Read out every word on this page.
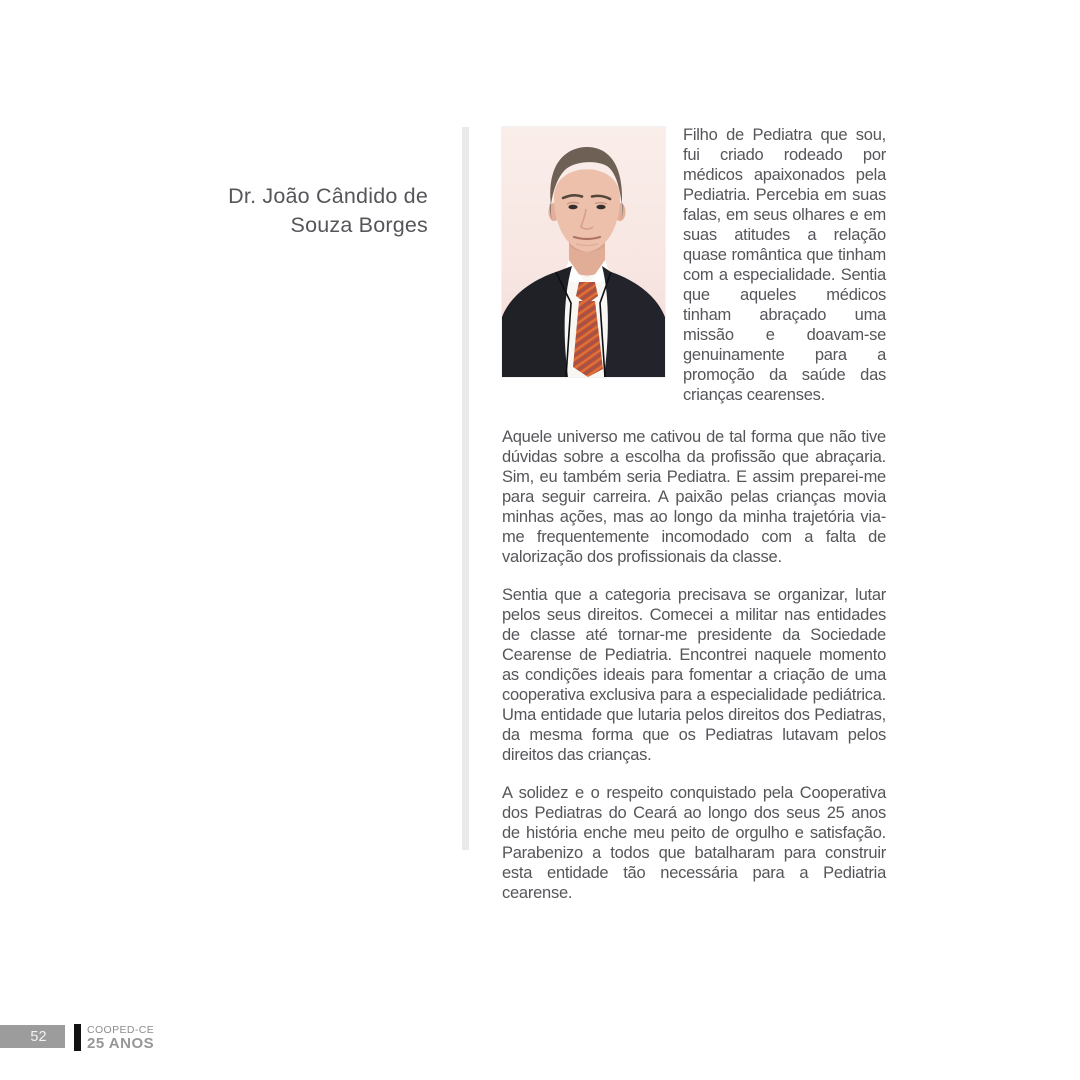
Dr. João Cândido de
Souza Borges

Filho de Pediatra que sou, fui criado rodeado por médicos apaixonados pela Pediatria. Percebia em suas falas, em seus olhares e em suas atitudes a relação quase romântica que tinham com a especialidade. Sentia que aqueles médicos tinham abraçado uma missão e doavam-se genuinamente para a promoção da saúde das crianças cearenses.

Aquele universo me cativou de tal forma que não tive dúvidas sobre a escolha da profissão que abraçaria. Sim, eu também seria Pediatra. E assim preparei-me para seguir carreira. A paixão pelas crianças movia minhas ações, mas ao longo da minha trajetória via-me frequentemente incomodado com a falta de valorização dos profissionais da classe.

Sentia que a categoria precisava se organizar, lutar pelos seus direitos. Comecei a militar nas entidades de classe até tornar-me presidente da Sociedade Cearense de Pediatria. Encontrei naquele momento as condições ideais para fomentar a criação de uma cooperativa exclusiva para a especialidade pediátrica. Uma entidade que lutaria pelos direitos dos Pediatras, da mesma forma que os Pediatras lutavam pelos direitos das crianças.

A solidez e o respeito conquistado pela Cooperativa dos Pediatras do Ceará ao longo dos seus 25 anos de história enche meu peito de orgulho e satisfação. Parabenizo a todos que batalharam para construir esta entidade tão necessária para a Pediatria cearense.

52	COOPED-CE
25 ANOS
